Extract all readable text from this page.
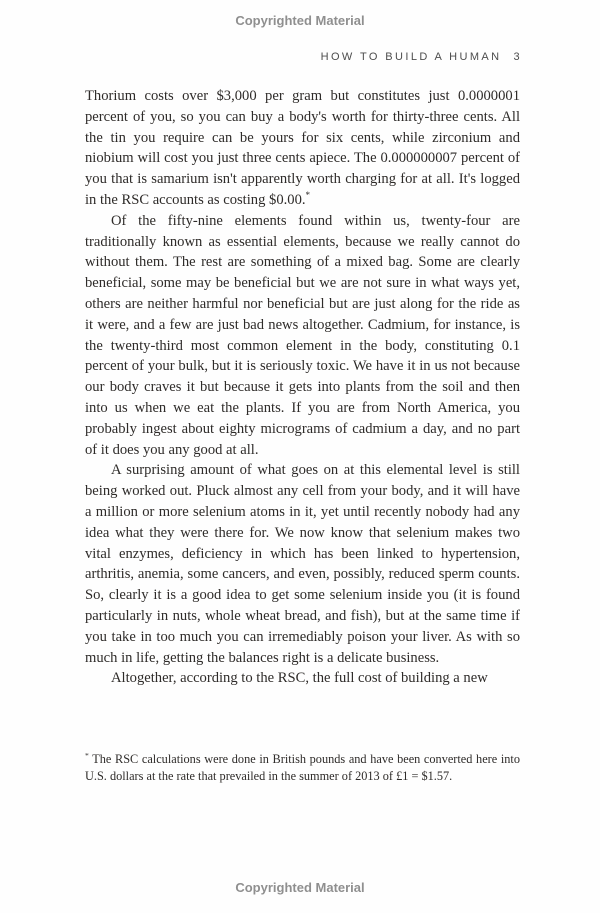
Copyrighted Material
HOW TO BUILD A HUMAN 3

Thorium costs over $3,000 per gram but constitutes just 0.0000001 percent of you, so you can buy a body's worth for thirty-three cents. All the tin you require can be yours for six cents, while zirconium and niobium will cost you just three cents apiece. The 0.000000007 percent of you that is samarium isn't apparently worth charging for at all. It's logged in the RSC accounts as costing $0.00.*

Of the fifty-nine elements found within us, twenty-four are traditionally known as essential elements, because we really cannot do without them. The rest are something of a mixed bag. Some are clearly beneficial, some may be beneficial but we are not sure in what ways yet, others are neither harmful nor beneficial but are just along for the ride as it were, and a few are just bad news altogether. Cadmium, for instance, is the twenty-third most common element in the body, constituting 0.1 percent of your bulk, but it is seriously toxic. We have it in us not because our body craves it but because it gets into plants from the soil and then into us when we eat the plants. If you are from North America, you probably ingest about eighty micrograms of cadmium a day, and no part of it does you any good at all.

A surprising amount of what goes on at this elemental level is still being worked out. Pluck almost any cell from your body, and it will have a million or more selenium atoms in it, yet until recently nobody had any idea what they were there for. We now know that selenium makes two vital enzymes, deficiency in which has been linked to hypertension, arthritis, anemia, some cancers, and even, possibly, reduced sperm counts. So, clearly it is a good idea to get some selenium inside you (it is found particularly in nuts, whole wheat bread, and fish), but at the same time if you take in too much you can irremediably poison your liver. As with so much in life, getting the balances right is a delicate business.

Altogether, according to the RSC, the full cost of building a new

* The RSC calculations were done in British pounds and have been converted here into U.S. dollars at the rate that prevailed in the summer of 2013 of £1 = $1.57.
Copyrighted Material
